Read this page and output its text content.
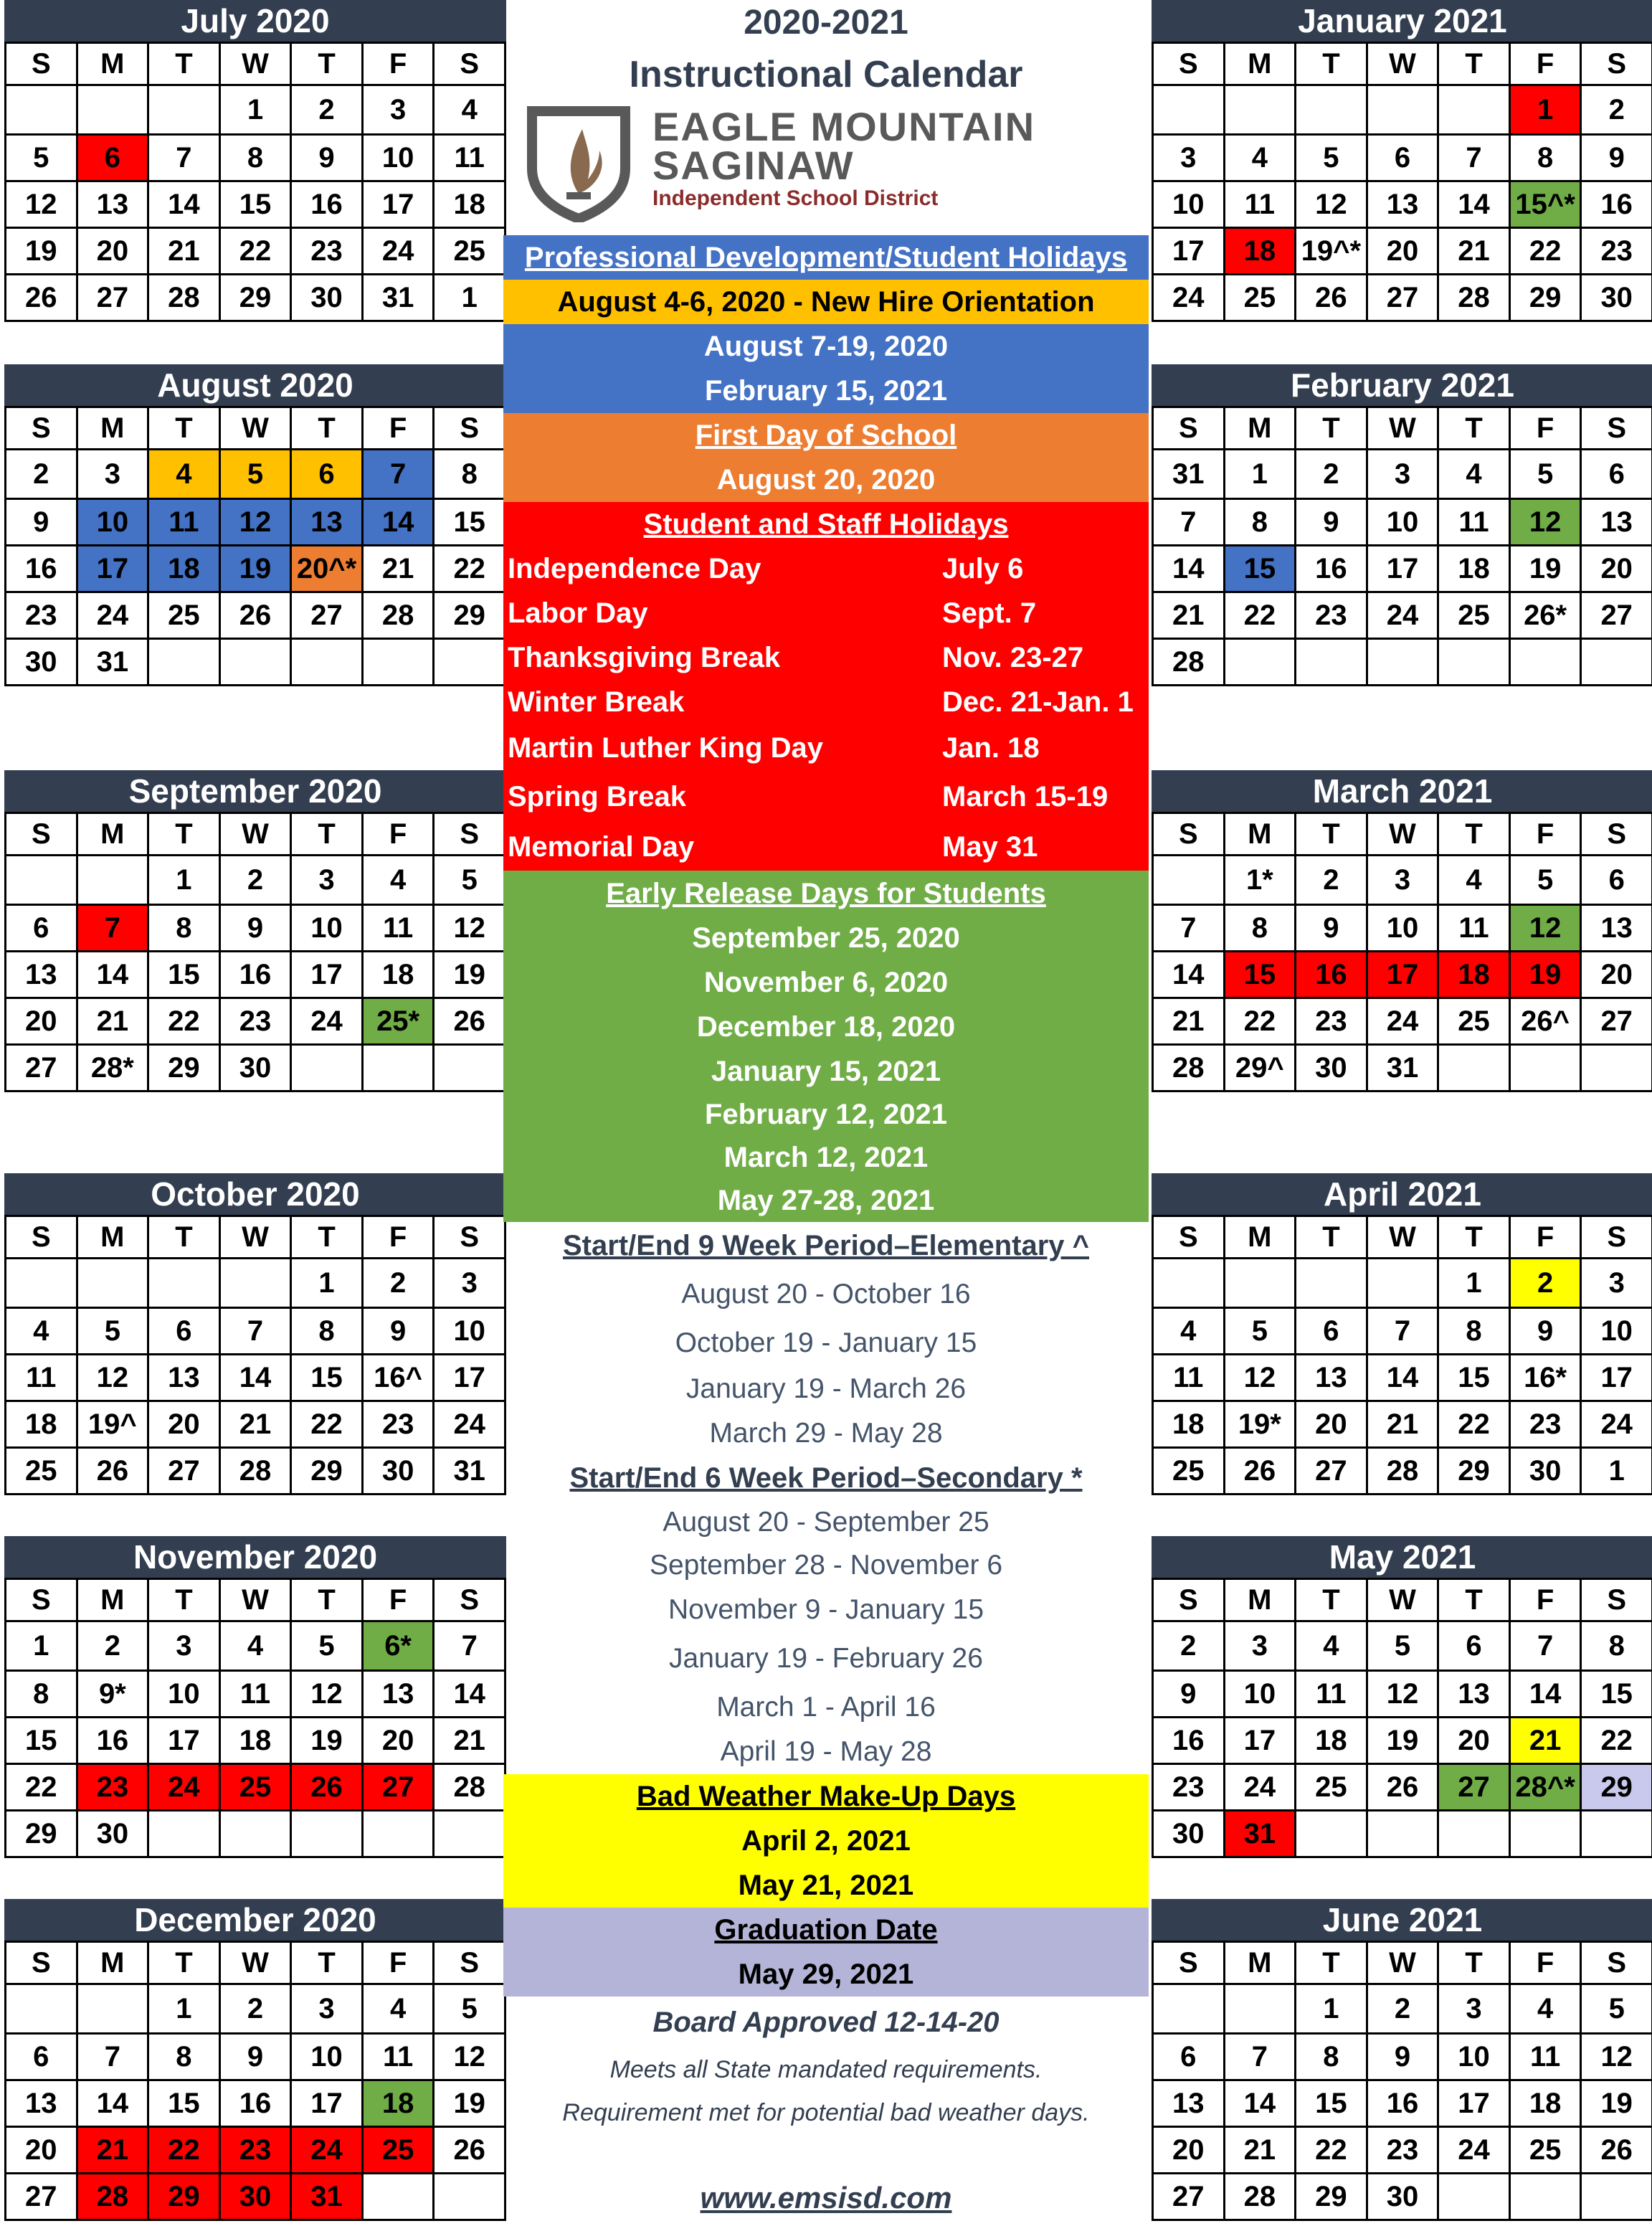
July 2020
S	M	T	W	T	F	S
			1	2	3	4
5	6	7	8	9	10	11
12	13	14	15	16	17	18
19	20	21	22	23	24	25
26	27	28	29	30	31	1
August 2020
S	M	T	W	T	F	S
2	3	4	5	6	7	8
9	10	11	12	13	14	15
16	17	18	19	20^*	21	22
23	24	25	26	27	28	29
30	31					
September 2020
S	M	T	W	T	F	S
		1	2	3	4	5
6	7	8	9	10	11	12
13	14	15	16	17	18	19
20	21	22	23	24	25*	26
27	28*	29	30			
October 2020
S	M	T	W	T	F	S
				1	2	3
4	5	6	7	8	9	10
11	12	13	14	15	16^	17
18	19^	20	21	22	23	24
25	26	27	28	29	30	31
November 2020
S	M	T	W	T	F	S
1	2	3	4	5	6*	7
8	9*	10	11	12	13	14
15	16	17	18	19	20	21
22	23	24	25	26	27	28
29	30					
December 2020
S	M	T	W	T	F	S
		1	2	3	4	5
6	7	8	9	10	11	12
13	14	15	16	17	18	19
20	21	22	23	24	25	26
27	28	29	30	31		
January 2021
S	M	T	W	T	F	S
					1	2
3	4	5	6	7	8	9
10	11	12	13	14	15^*	16
17	18	19^*	20	21	22	23
24	25	26	27	28	29	30
February 2021
S	M	T	W	T	F	S
31	1	2	3	4	5	6
7	8	9	10	11	12	13
14	15	16	17	18	19	20
21	22	23	24	25	26*	27
28						
March 2021
S	M	T	W	T	F	S
	1*	2	3	4	5	6
7	8	9	10	11	12	13
14	15	16	17	18	19	20
21	22	23	24	25	26^	27
28	29^	30	31			
April 2021
S	M	T	W	T	F	S
				1	2	3
4	5	6	7	8	9	10
11	12	13	14	15	16*	17
18	19*	20	21	22	23	24
25	26	27	28	29	30	1
May 2021
S	M	T	W	T	F	S
2	3	4	5	6	7	8
9	10	11	12	13	14	15
16	17	18	19	20	21	22
23	24	25	26	27	28^*	29
30	31					
June 2021
S	M	T	W	T	F	S
		1	2	3	4	5
6	7	8	9	10	11	12
13	14	15	16	17	18	19
20	21	22	23	24	25	26
27	28	29	30			
2020-2021
Instructional Calendar
EAGLE MOUNTAIN
SAGINAW
Independent School District
Professional Development/Student Holidays
August 4-6, 2020 - New Hire Orientation
August 7-19, 2020
February 15, 2021
First Day of School
August 20, 2020
Student and Staff Holidays
Independence Day	July 6
Labor Day	Sept. 7
Thanksgiving Break	Nov. 23-27
Winter Break	Dec. 21-Jan. 1
Martin Luther King Day	Jan. 18
Spring Break	March 15-19
Memorial Day	May 31
Early Release Days for Students
September 25, 2020
November 6, 2020
December 18, 2020
January 15, 2021
February 12, 2021
March 12, 2021
May 27-28, 2021
Start/End 9 Week Period–Elementary ^
August 20 - October 16
October 19 - January 15
January 19 - March 26
March 29 - May 28
Start/End 6 Week Period–Secondary *
August 20 - September 25
September 28 - November 6
November 9 - January 15
January 19 - February 26
March 1 - April 16
April 19 - May 28
Bad Weather Make-Up Days
April 2, 2021
May 21, 2021
Graduation Date
May 29, 2021
Board Approved 12-14-20
Meets all State mandated requirements.
Requirement met for potential bad weather days.
www.emsisd.com
